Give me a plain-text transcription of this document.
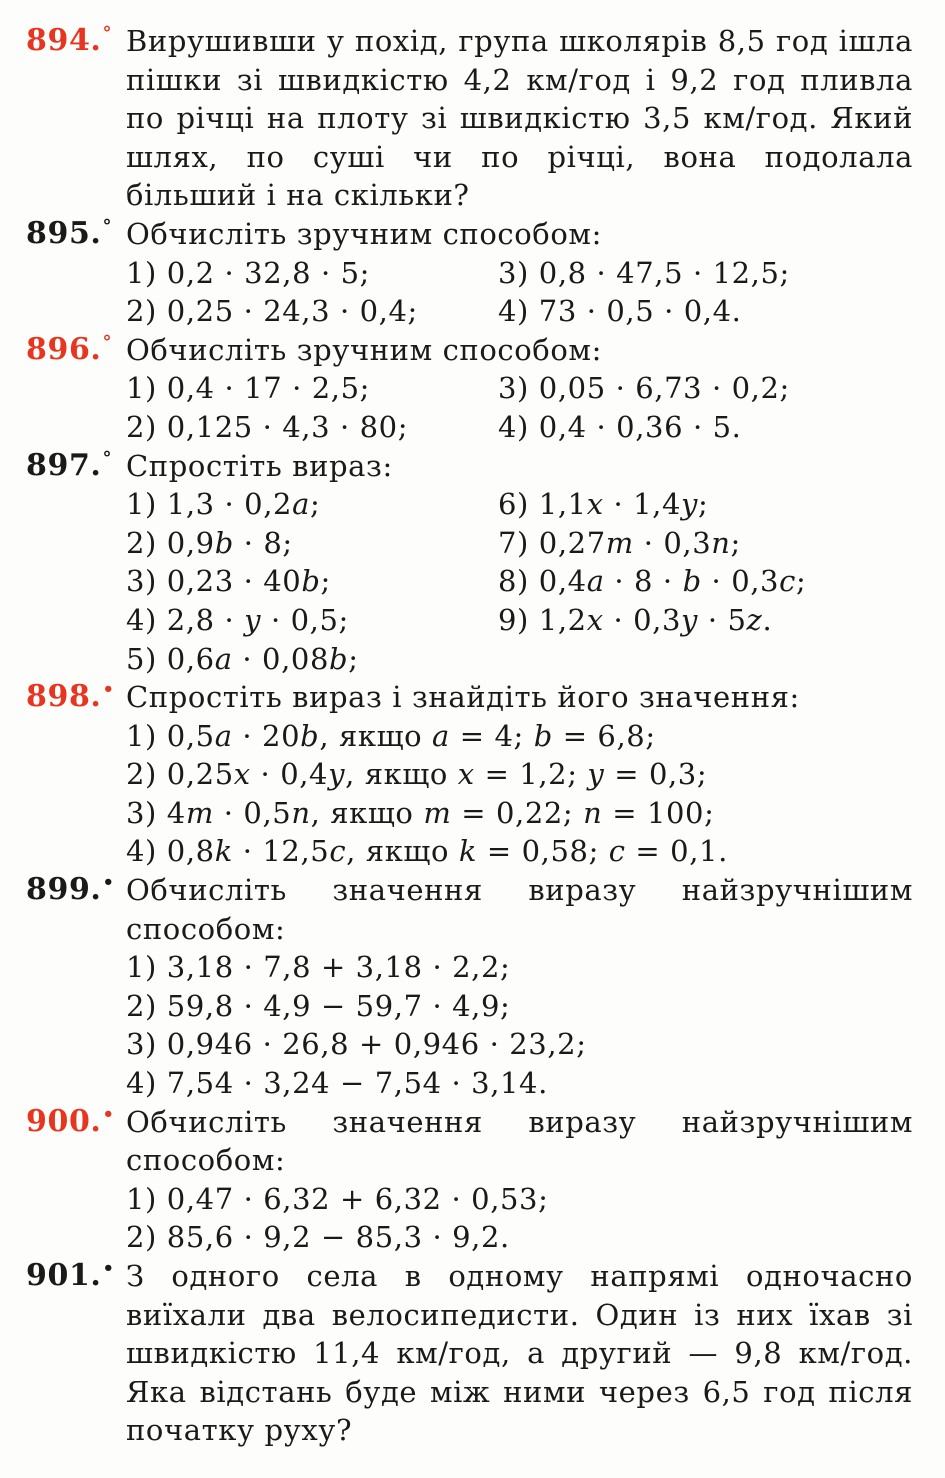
894.° Вирушивши у похід, група школярів 8,5 год ішла пішки зі швидкістю 4,2 км/год і 9,2 год пливла по річці на плоту зі швидкістю 3,5 км/год. Який шлях, по суші чи по річці, вона подолала більший і на скільки?
895.° Обчисліть зручним способом:
1) 0,2 · 32,8 · 5;	3) 0,8 · 47,5 · 12,5;
2) 0,25 · 24,3 · 0,4;	4) 73 · 0,5 · 0,4.
896.° Обчисліть зручним способом:
1) 0,4 · 17 · 2,5;	3) 0,05 · 6,73 · 0,2;
2) 0,125 · 4,3 · 80;	4) 0,4 · 0,36 · 5.
897.° Спростіть вираз:
1) 1,3 · 0,2a;	6) 1,1x · 1,4y;
2) 0,9b · 8;	7) 0,27m · 0,3n;
3) 0,23 · 40b;	8) 0,4a · 8 · b · 0,3c;
4) 2,8 · y · 0,5;	9) 1,2x · 0,3y · 5z.
5) 0,6a · 0,08b;
898.• Спростіть вираз і знайдіть його значення:
1) 0,5a · 20b, якщо a = 4; b = 6,8;
2) 0,25x · 0,4y, якщо x = 1,2; y = 0,3;
3) 4m · 0,5n, якщо m = 0,22; n = 100;
4) 0,8k · 12,5c, якщо k = 0,58; c = 0,1.
899.• Обчисліть значення виразу найзручнішим способом:
1) 3,18 · 7,8 + 3,18 · 2,2;
2) 59,8 · 4,9 − 59,7 · 4,9;
3) 0,946 · 26,8 + 0,946 · 23,2;
4) 7,54 · 3,24 − 7,54 · 3,14.
900.• Обчисліть значення виразу найзручнішим способом:
1) 0,47 · 6,32 + 6,32 · 0,53;
2) 85,6 · 9,2 − 85,3 · 9,2.
901.• З одного села в одному напрямі одночасно виїхали два велосипедисти. Один із них їхав зі швидкістю 11,4 км/год, а другий — 9,8 км/год. Яка відстань буде між ними через 6,5 год після початку руху?
